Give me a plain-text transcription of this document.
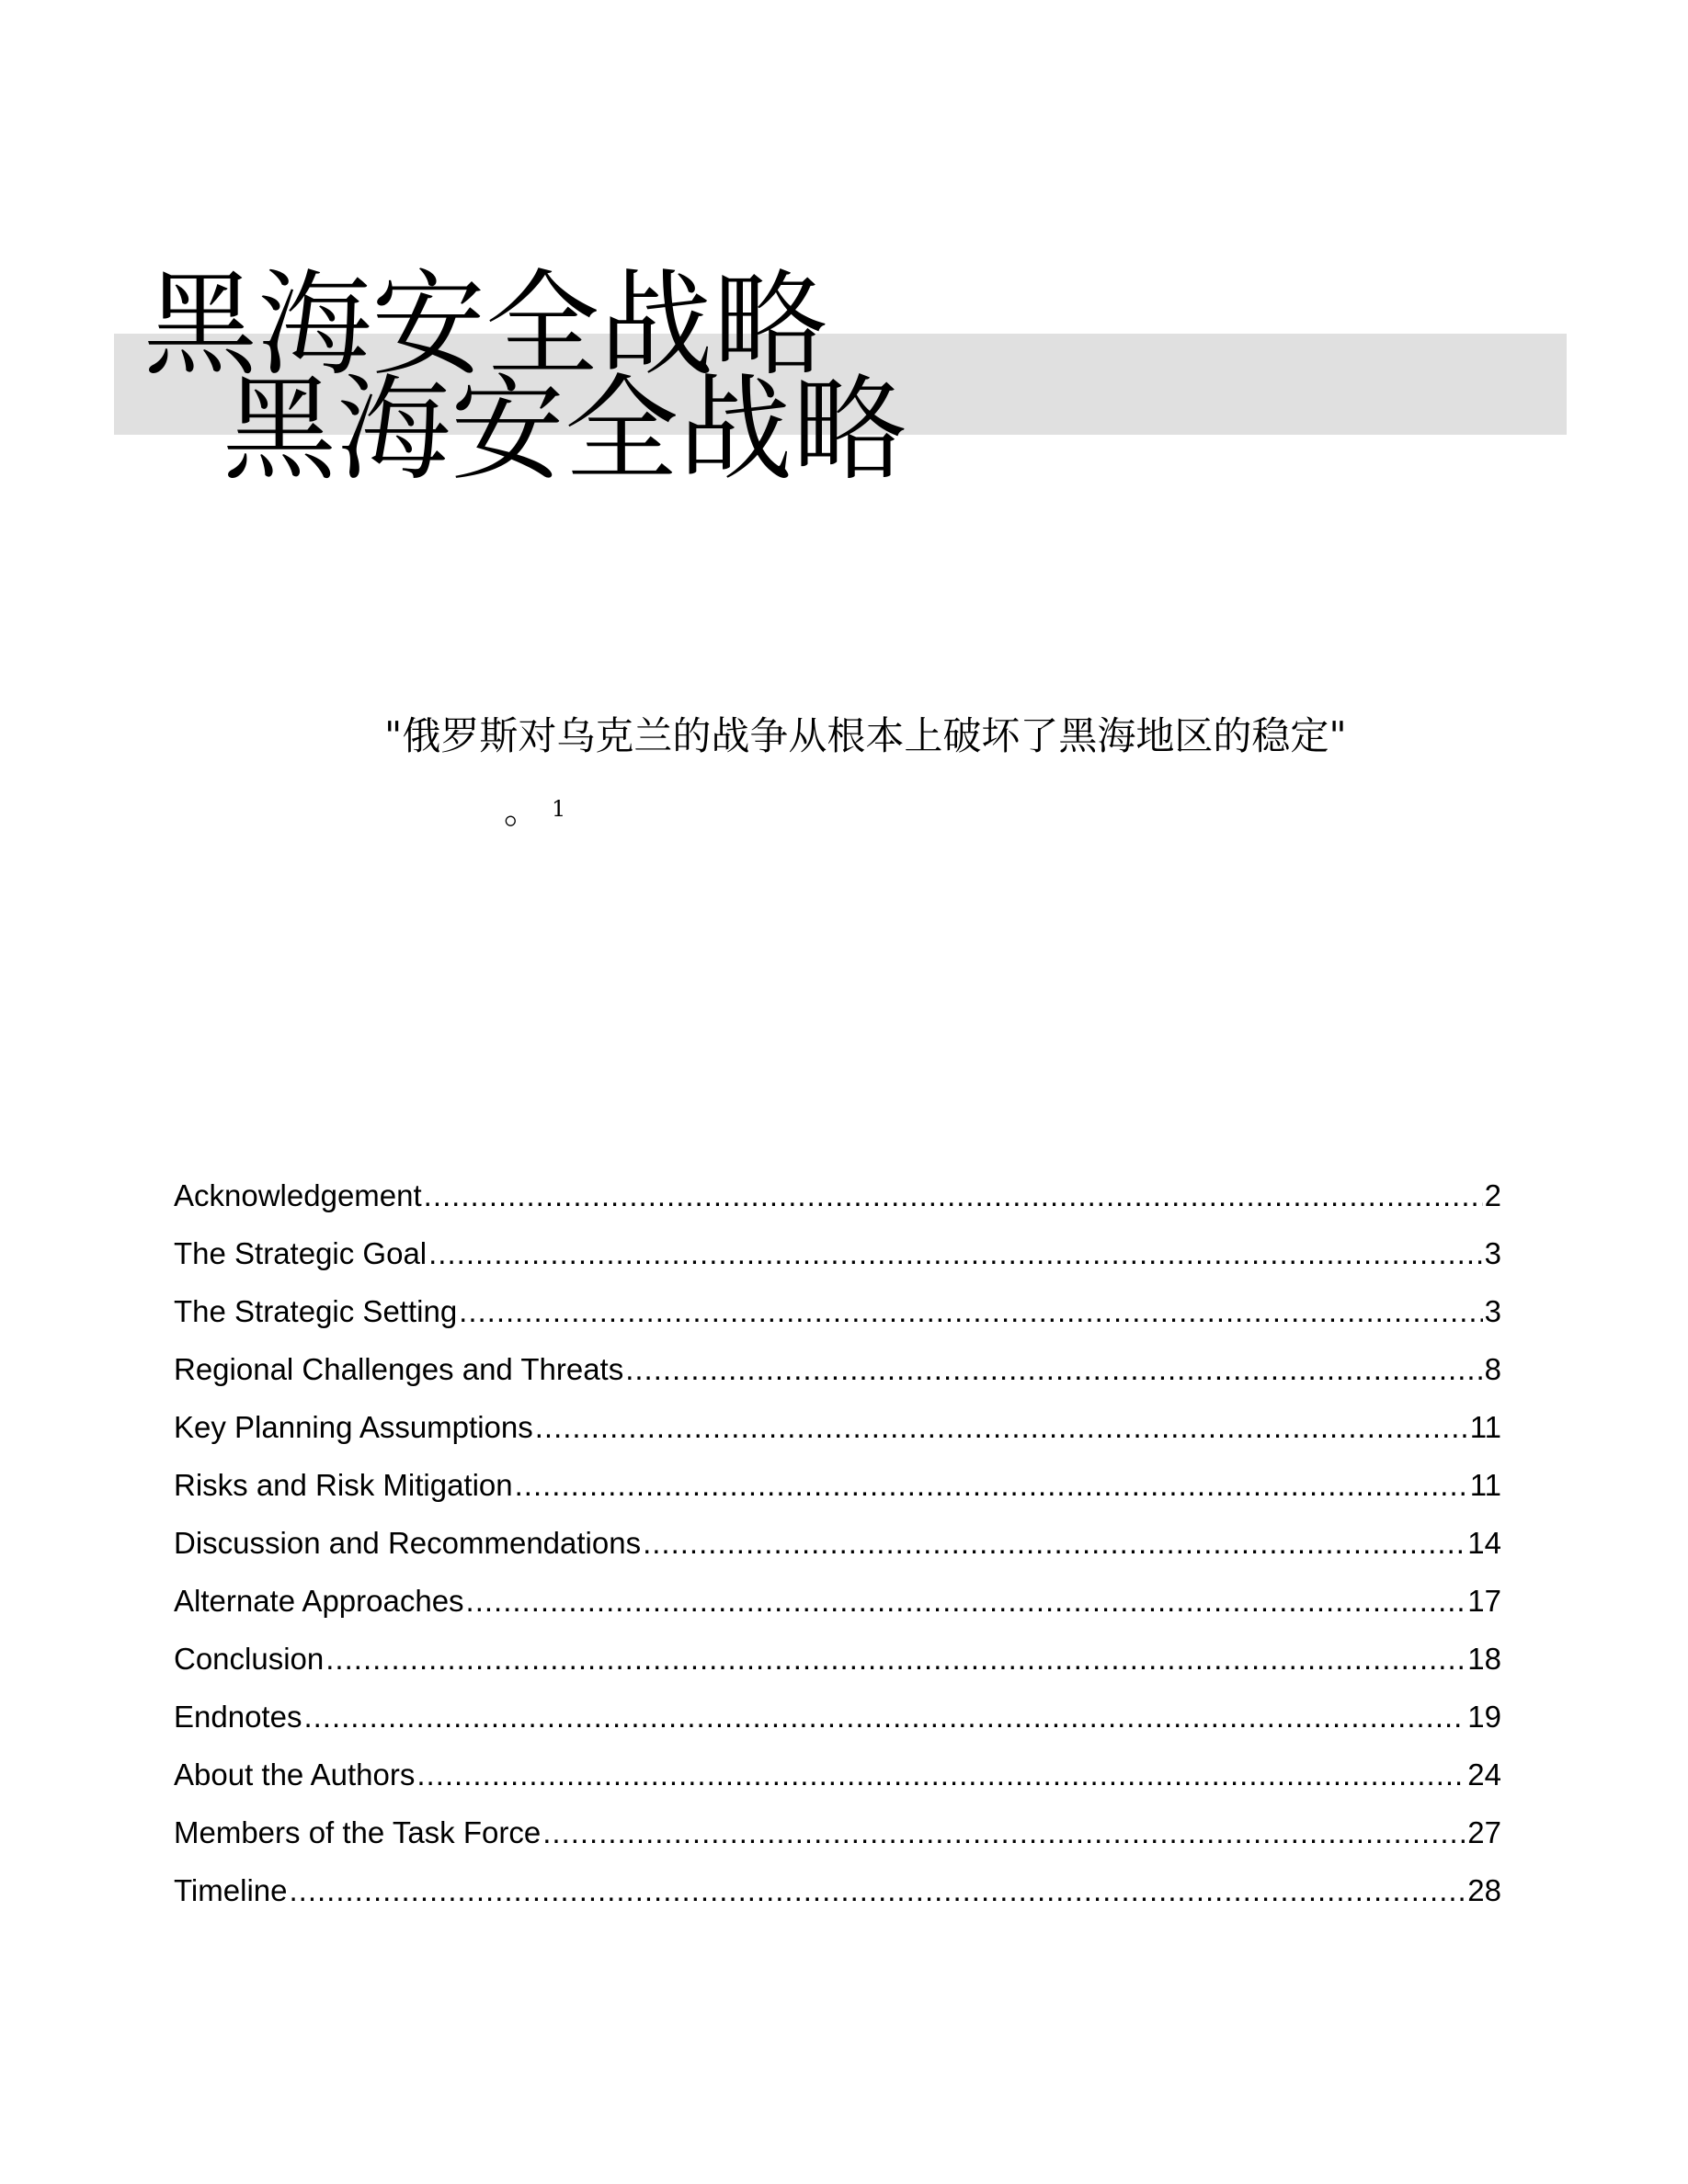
黑海安全战略
黑海安全战略
"俄罗斯对乌克兰的战争从根本上破坏了黑海地区的稳定"
。 1
Acknowledgement .....	2
The Strategic Goal .....	3
The Strategic Setting .....	3
Regional Challenges and Threats .....	8
Key Planning Assumptions .....	11
Risks and Risk Mitigation .....	11
Discussion and Recommendations .....	14
Alternate Approaches .....	17
Conclusion .....	18
Endnotes .....	19
About the Authors .....	24
Members of the Task Force .....	27
Timeline .....	28
